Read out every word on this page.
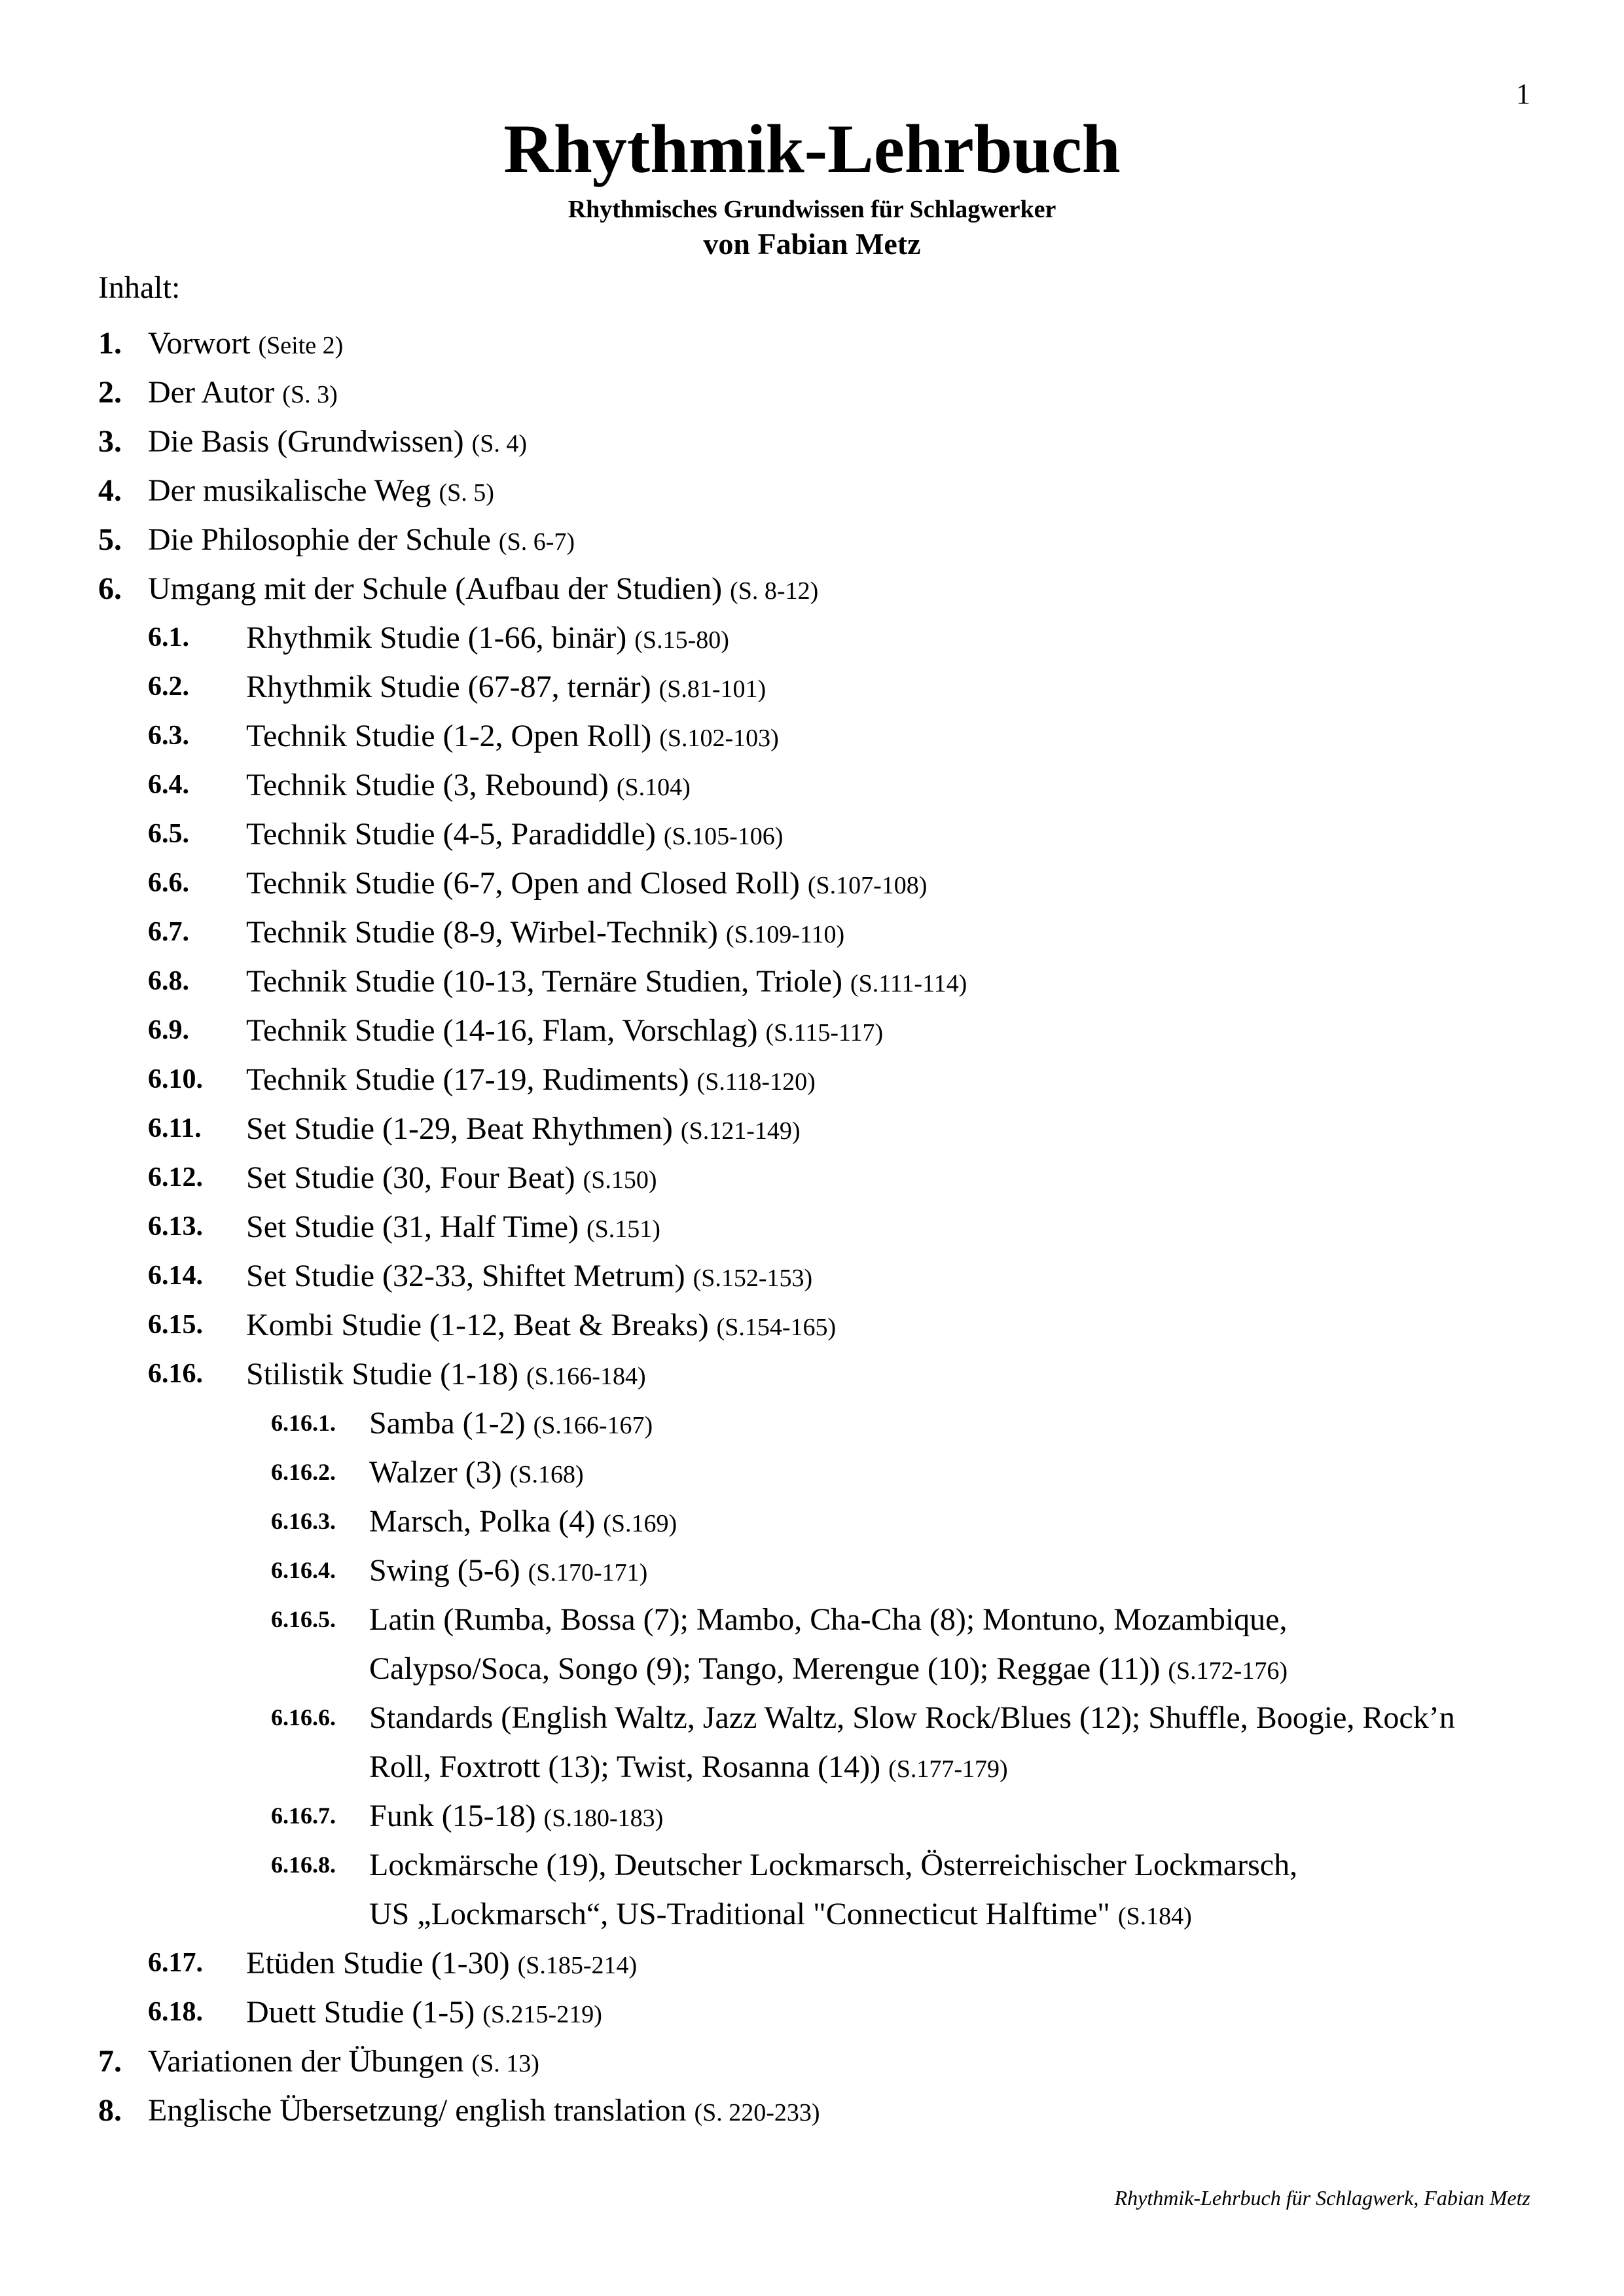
1
Rhythmik-Lehrbuch
Rhythmisches Grundwissen für Schlagwerker
von Fabian Metz
Inhalt:
1. Vorwort (Seite 2)
2. Der Autor (S. 3)
3. Die Basis (Grundwissen) (S. 4)
4. Der musikalische Weg (S. 5)
5. Die Philosophie der Schule (S. 6-7)
6. Umgang mit der Schule (Aufbau der Studien) (S. 8-12)
6.1. Rhythmik Studie (1-66, binär) (S.15-80)
6.2. Rhythmik Studie (67-87, ternär) (S.81-101)
6.3. Technik Studie (1-2, Open Roll) (S.102-103)
6.4. Technik Studie (3, Rebound) (S.104)
6.5. Technik Studie (4-5, Paradiddle) (S.105-106)
6.6. Technik Studie (6-7, Open and Closed Roll) (S.107-108)
6.7. Technik Studie (8-9, Wirbel-Technik) (S.109-110)
6.8. Technik Studie (10-13, Ternäre Studien, Triole) (S.111-114)
6.9. Technik Studie (14-16, Flam, Vorschlag) (S.115-117)
6.10. Technik Studie (17-19, Rudiments) (S.118-120)
6.11. Set Studie (1-29, Beat Rhythmen) (S.121-149)
6.12. Set Studie (30, Four Beat) (S.150)
6.13. Set Studie (31, Half Time) (S.151)
6.14. Set Studie (32-33, Shiftet Metrum) (S.152-153)
6.15. Kombi Studie (1-12, Beat & Breaks) (S.154-165)
6.16. Stilistik Studie (1-18) (S.166-184)
6.16.1. Samba (1-2) (S.166-167)
6.16.2. Walzer (3) (S.168)
6.16.3. Marsch, Polka (4) (S.169)
6.16.4. Swing (5-6) (S.170-171)
6.16.5. Latin (Rumba, Bossa (7); Mambo, Cha-Cha (8); Montuno, Mozambique,
Calypso/Soca, Songo (9); Tango, Merengue (10); Reggae (11)) (S.172-176)
6.16.6. Standards (English Waltz, Jazz Waltz, Slow Rock/Blues (12); Shuffle, Boogie, Rock’n
Roll, Foxtrott (13); Twist, Rosanna (14)) (S.177-179)
6.16.7. Funk (15-18) (S.180-183)
6.16.8. Lockmärsche (19), Deutscher Lockmarsch, Österreichischer Lockmarsch,
US „Lockmarsch“, US-Traditional "Connecticut Halftime" (S.184)
6.17. Etüden Studie (1-30) (S.185-214)
6.18. Duett Studie (1-5) (S.215-219)
7. Variationen der Übungen (S. 13)
8. Englische Übersetzung/ english translation (S. 220-233)
Rhythmik-Lehrbuch für Schlagwerk, Fabian Metz
